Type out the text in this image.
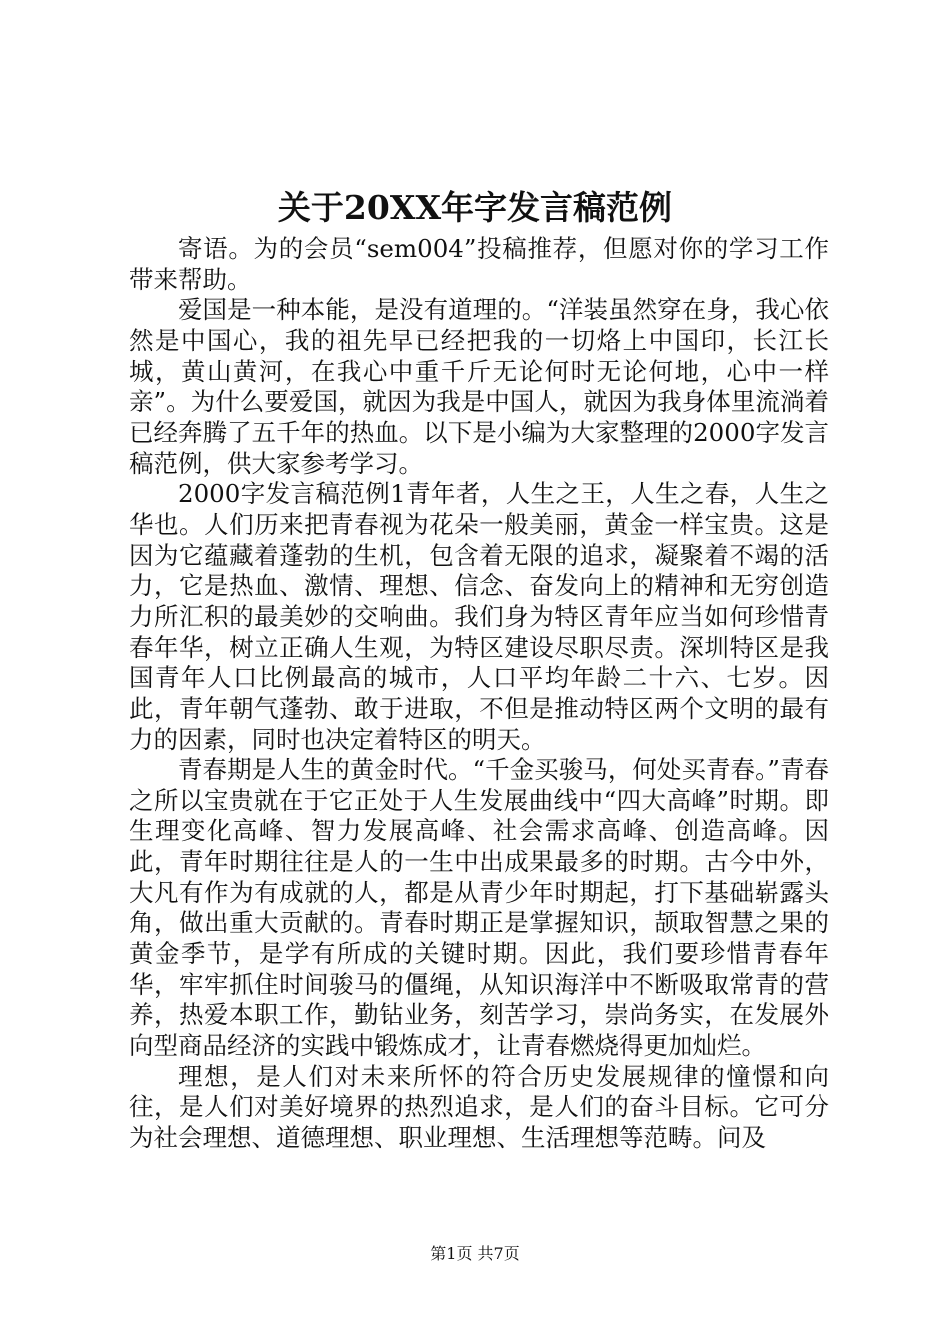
关于20XX年字发言稿范例

寄语。为的会员“sem004”投稿推荐，但愿对你的学习工作带来帮助。

爱国是一种本能，是没有道理的。“洋装虽然穿在身，我心依然是中国心，我的祖先早已经把我的一切烙上中国印，长江长城，黄山黄河，在我心中重千斤无论何时无论何地，心中一样亲”。为什么要爱国，就因为我是中国人，就因为我身体里流淌着已经奔腾了五千年的热血。以下是小编为大家整理的2000字发言稿范例，供大家参考学习。

2000字发言稿范例1青年者，人生之王，人生之春，人生之华也。人们历来把青春视为花朵一般美丽，黄金一样宝贵。这是因为它蕴藏着蓬勃的生机，包含着无限的追求，凝聚着不竭的活力，它是热血、激情、理想、信念、奋发向上的精神和无穷创造力所汇积的最美妙的交响曲。我们身为特区青年应当如何珍惜青春年华，树立正确人生观，为特区建设尽职尽责。深圳特区是我国青年人口比例最高的城市，人口平均年龄二十六、七岁。因此，青年朝气蓬勃、敢于进取，不但是推动特区两个文明的最有力的因素，同时也决定着特区的明天。

青春期是人生的黄金时代。“千金买骏马，何处买青春。”青春之所以宝贵就在于它正处于人生发展曲线中“四大高峰”时期。即生理变化高峰、智力发展高峰、社会需求高峰、创造高峰。因此，青年时期往往是人的一生中出成果最多的时期。古今中外，大凡有作为有成就的人，都是从青少年时期起，打下基础崭露头角，做出重大贡献的。青春时期正是掌握知识，颉取智慧之果的黄金季节，是学有所成的关键时期。因此，我们要珍惜青春年华，牢牢抓住时间骏马的僵绳，从知识海洋中不断吸取常青的营养，热爱本职工作，勤钻业务，刻苦学习，崇尚务实，在发展外向型商品经济的实践中锻炼成才，让青春燃烧得更加灿烂。

理想，是人们对未来所怀的符合历史发展规律的憧憬和向往，是人们对美好境界的热烈追求，是人们的奋斗目标。它可分为社会理想、道德理想、职业理想、生活理想等范畴。问及

第1页 共7页
